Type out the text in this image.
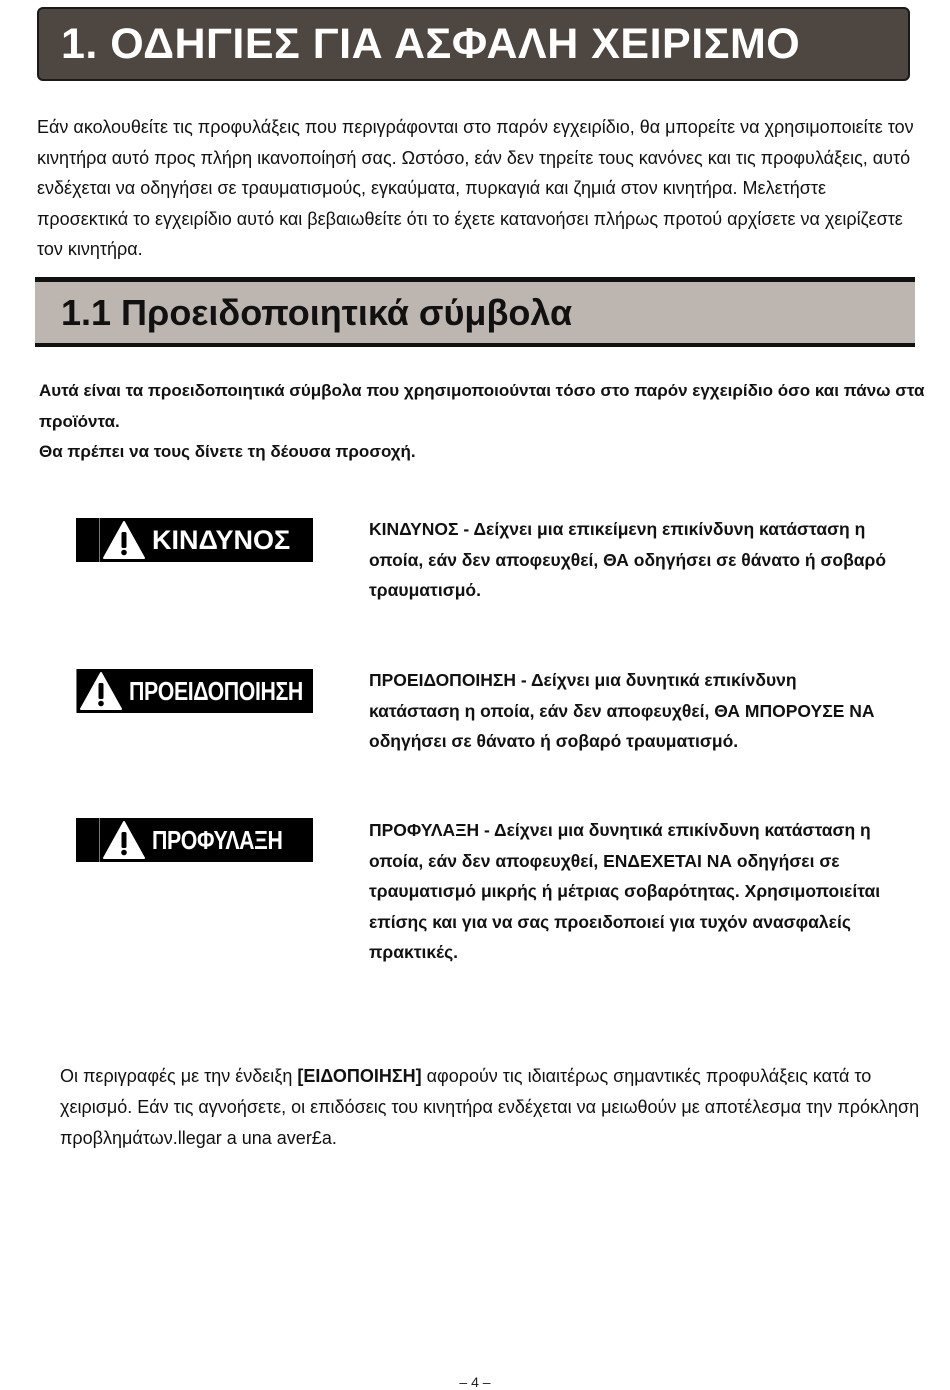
1. ΟΔΗΓΙΕΣ ΓΙΑ ΑΣΦΑΛΗ ΧΕΙΡΙΣΜΟ

Εάν ακολουθείτε τις προφυλάξεις που περιγράφονται στο παρόν εγχειρίδιο, θα μπορείτε να χρησιμοποιείτε τον κινητήρα αυτό προς πλήρη ικανοποίησή σας. Ωστόσο, εάν δεν τηρείτε τους κανόνες και τις προφυλάξεις, αυτό ενδέχεται να οδηγήσει σε τραυματισμούς, εγκαύματα, πυρκαγιά και ζημιά στον κινητήρα. Μελετήστε προσεκτικά το εγχειρίδιο αυτό και βεβαιωθείτε ότι το έχετε κατανοήσει πλήρως προτού αρχίσετε να χειρίζεστε τον κινητήρα.

1.1 Προειδοποιητικά σύμβολα
Αυτά είναι τα προειδοποιητικά σύμβολα που χρησιμοποιούνται τόσο στο παρόν εγχειρίδιο όσο και πάνω στα προϊόντα.
Θα πρέπει να τους δίνετε τη δέουσα προσοχή.
ΚΙΝΔΥΝΟΣ	ΚΙΝΔΥΝΟΣ - Δείχνει μια επικείμενη επικίνδυνη κατάσταση η οποία, εάν δεν αποφευχθεί, ΘΑ οδηγήσει σε θάνατο ή σοβαρό τραυματισμό.

ΠΡΟΕΙΔΟΠΟΙΗΣΗ	ΠΡΟΕΙΔΟΠΟΙΗΣΗ - Δείχνει μια δυνητικά επικίνδυνη κατάσταση η οποία, εάν δεν αποφευχθεί, ΘΑ ΜΠΟΡΟΥΣΕ ΝΑ οδηγήσει σε θάνατο ή σοβαρό τραυματισμό.

ΠΡΟΦΥΛΑΞΗ	ΠΡΟΦΥΛΑΞΗ - Δείχνει μια δυνητικά επικίνδυνη κατάσταση η οποία, εάν δεν αποφευχθεί, ΕΝΔΕΧΕΤΑΙ ΝΑ οδηγήσει σε τραυματισμό μικρής ή μέτριας σοβαρότητας. Χρησιμοποιείται επίσης και για να σας προειδοποιεί για τυχόν ανασφαλείς πρακτικές.

Οι περιγραφές με την ένδειξη [ΕΙΔΟΠΟΙΗΣΗ] αφορούν τις ιδιαιτέρως σημαντικές προφυλάξεις κατά το χειρισμό. Εάν τις αγνοήσετε, οι επιδόσεις του κινητήρα ενδέχεται να μειωθούν με αποτέλεσμα την πρόκληση προβλημάτων.llegar a una aver£a.

– 4 –
